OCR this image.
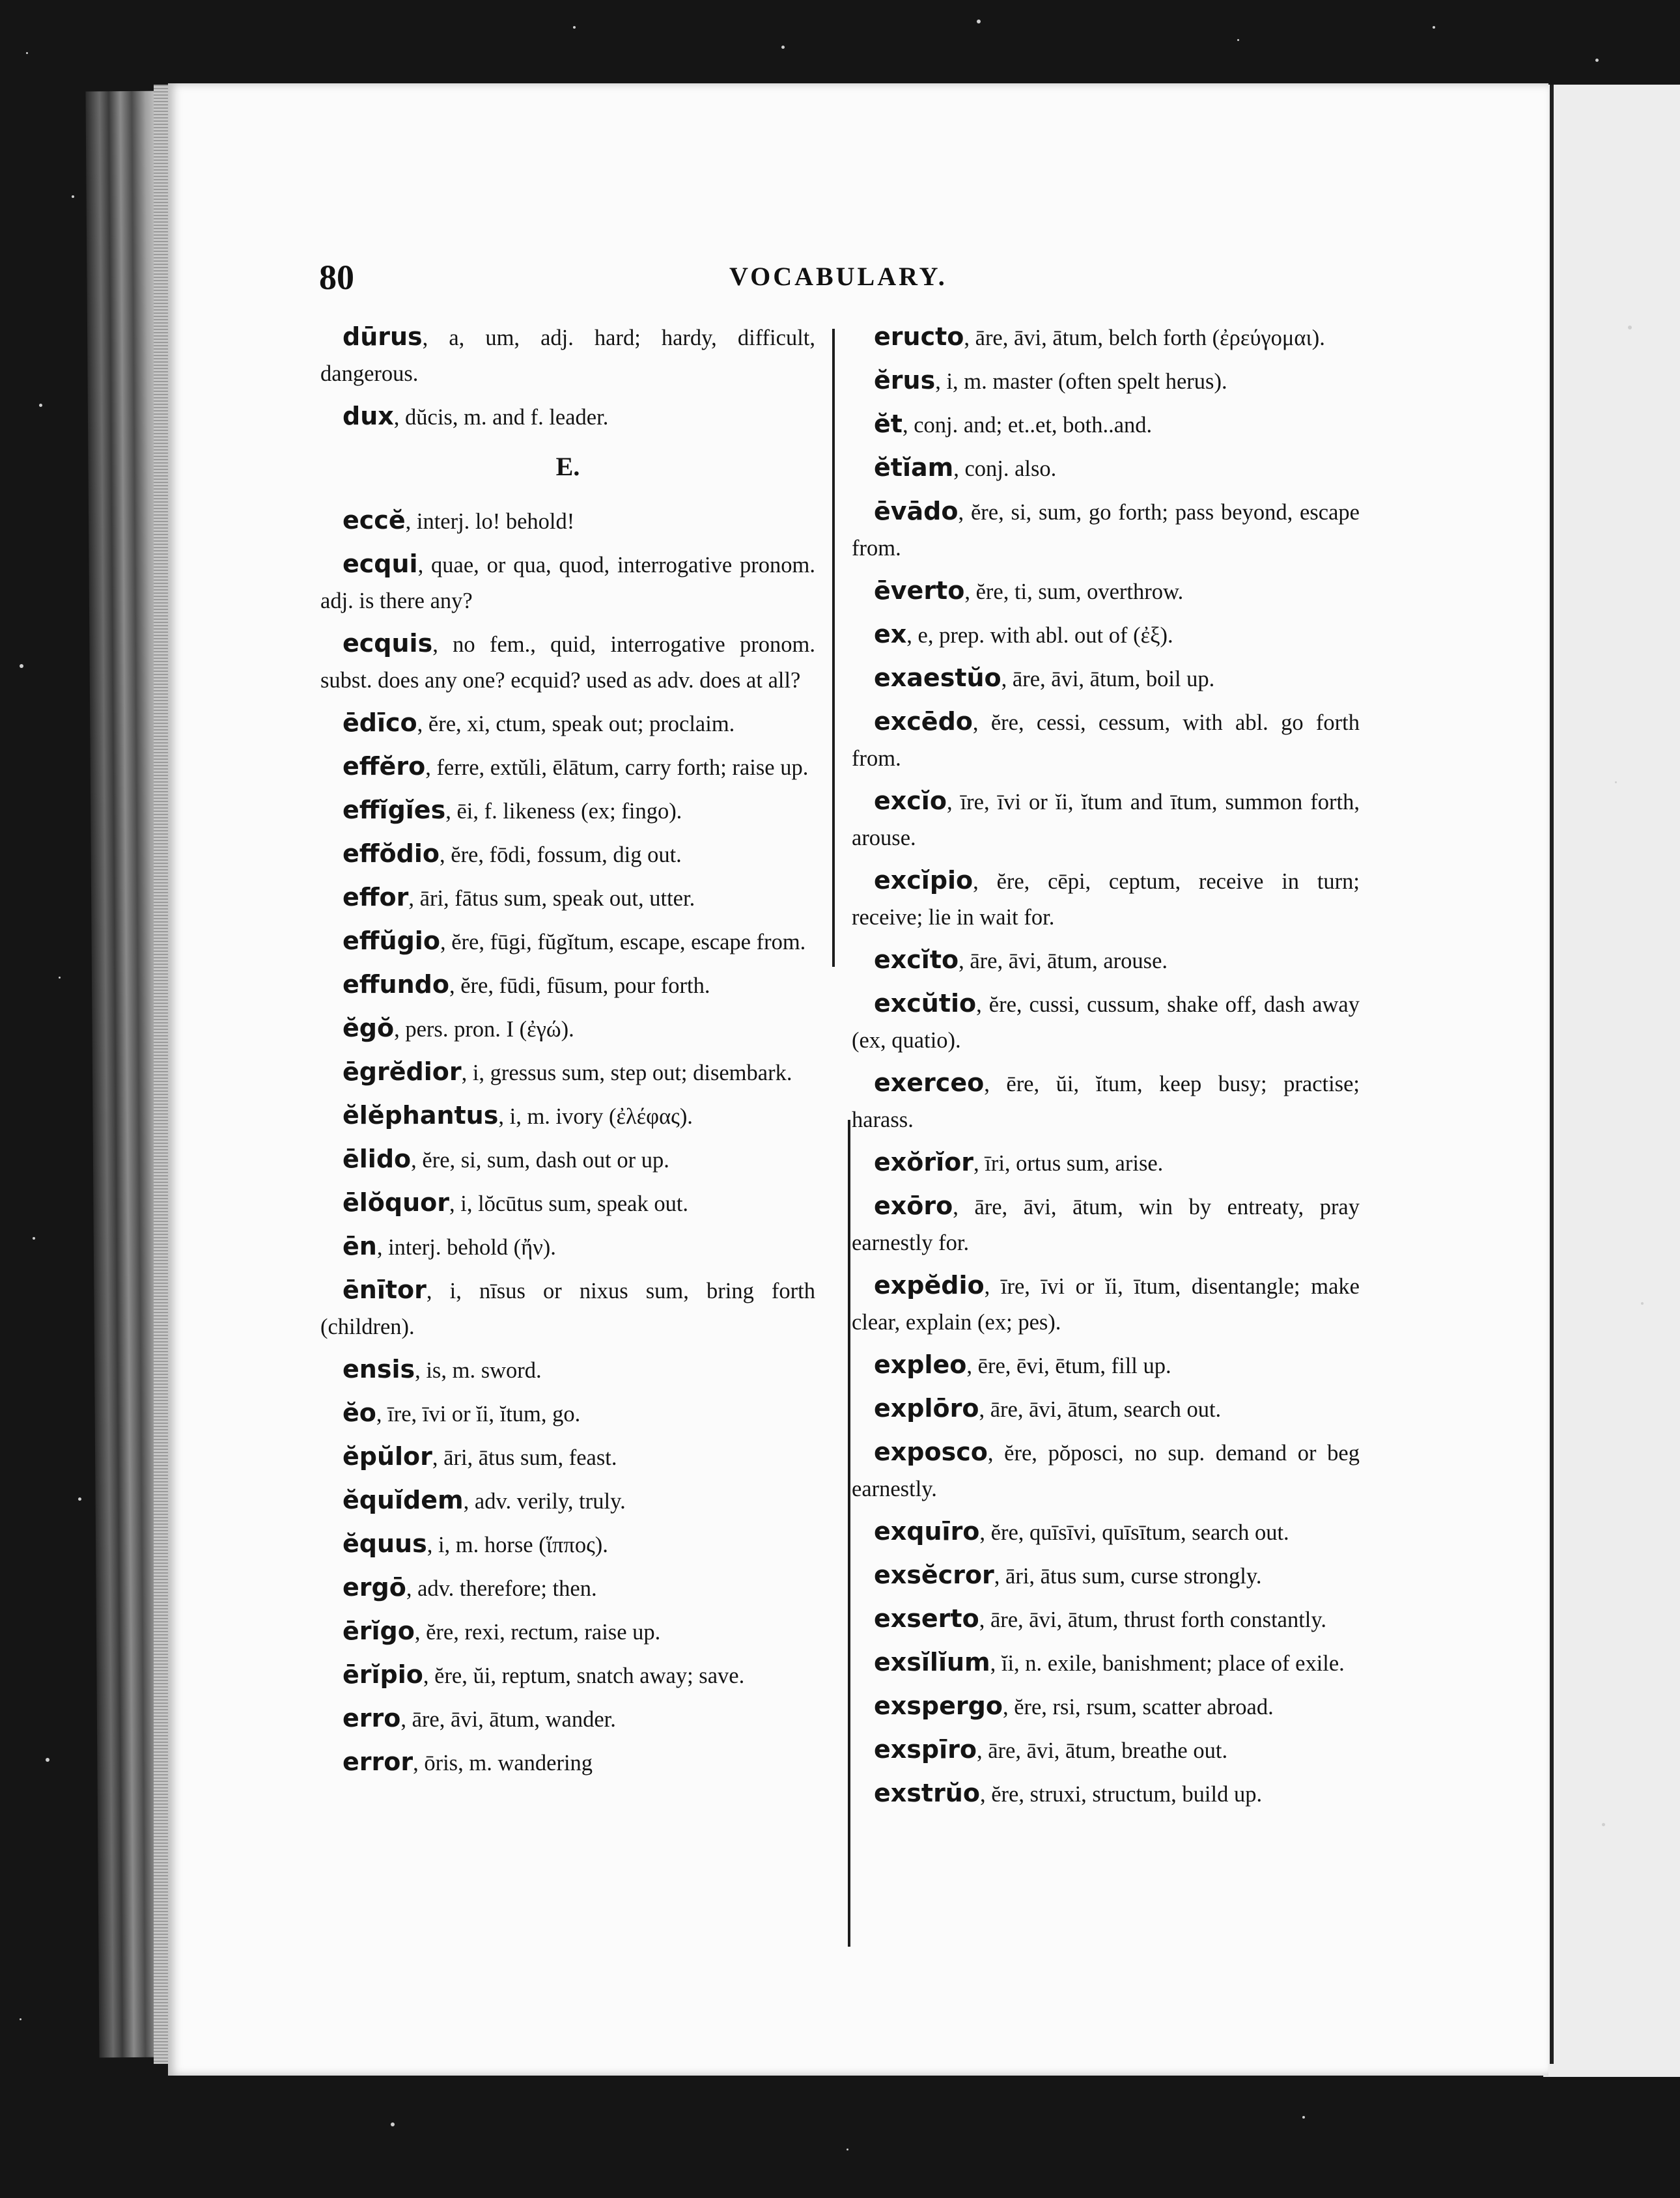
80	VOCABULARY.
dūrus, a, um, adj. hard; hardy, difficult, dangerous.
dux, dŭcis, m. and f. leader.
E.
eccĕ, interj. lo! behold!
ecqui, quae, or qua, quod, interrogative pronom. adj. is there any?
ecquis, no fem., quid, interrogative pronom. subst. does any one? ecquid? used as adv. does at all?
ēdīco, ĕre, xi, ctum, speak out; proclaim.
effĕro, ferre, extŭli, ēlātum, carry forth; raise up.
effĭgĭes, ēi, f. likeness (ex; fingo).
effŏdio, ĕre, fōdi, fossum, dig out.
effor, āri, fātus sum, speak out, utter.
effŭgio, ĕre, fūgi, fŭgĭtum, escape, escape from.
effundo, ĕre, fūdi, fūsum, pour forth.
ĕgŏ, pers. pron. I (ἐγώ).
ēgrĕdior, i, gressus sum, step out; disembark.
ĕlĕphantus, i, m. ivory (ἐλέφας).
ēlido, ĕre, si, sum, dash out or up.
ēlŏquor, i, lŏcūtus sum, speak out.
ēn, interj. behold (ἤν).
ēnītor, i, nīsus or nixus sum, bring forth (children).
ensis, is, m. sword.
ĕo, īre, īvi or ĭi, ĭtum, go.
ĕpŭlor, āri, ātus sum, feast.
ĕquĭdem, adv. verily, truly.
ĕquus, i, m. horse (ἵππος).
ergō, adv. therefore; then.
ērĭgo, ĕre, rexi, rectum, raise up.
ērĭpio, ĕre, ŭi, reptum, snatch away; save.
erro, āre, āvi, ātum, wander.
error, ōris, m. wandering
eructo, āre, āvi, ātum, belch forth (ἐρεύγομαι).
ĕrus, i, m. master (often spelt herus).
ĕt, conj. and; et..et, both..and.
ĕtĭam, conj. also.
ēvādo, ĕre, si, sum, go forth; pass beyond, escape from.
ēverto, ĕre, ti, sum, overthrow.
ex, e, prep. with abl. out of (ἐξ).
exaestŭo, āre, āvi, ātum, boil up.
excēdo, ĕre, cessi, cessum, with abl. go forth from.
excĭo, īre, īvi or ĭi, ĭtum and ītum, summon forth, arouse.
excĭpio, ĕre, cēpi, ceptum, receive in turn; receive; lie in wait for.
excĭto, āre, āvi, ātum, arouse.
excŭtio, ĕre, cussi, cussum, shake off, dash away (ex, quatio).
exerceo, ēre, ŭi, ĭtum, keep busy; practise; harass.
exŏrĭor, īri, ortus sum, arise.
exōro, āre, āvi, ātum, win by entreaty, pray earnestly for.
expĕdio, īre, īvi or ĭi, ītum, disentangle; make clear, explain (ex; pes).
expleo, ēre, ēvi, ētum, fill up.
explōro, āre, āvi, ātum, search out.
exposco, ĕre, pŏposci, no sup. demand or beg earnestly.
exquīro, ĕre, quīsīvi, quīsītum, search out.
exsĕcror, āri, ātus sum, curse strongly.
exserto, āre, āvi, ātum, thrust forth constantly.
exsĭlĭum, ĭi, n. exile, banishment; place of exile.
exspergo, ĕre, rsi, rsum, scatter abroad.
exspīro, āre, āvi, ātum, breathe out.
exstrŭo, ĕre, struxi, structum, build up.
